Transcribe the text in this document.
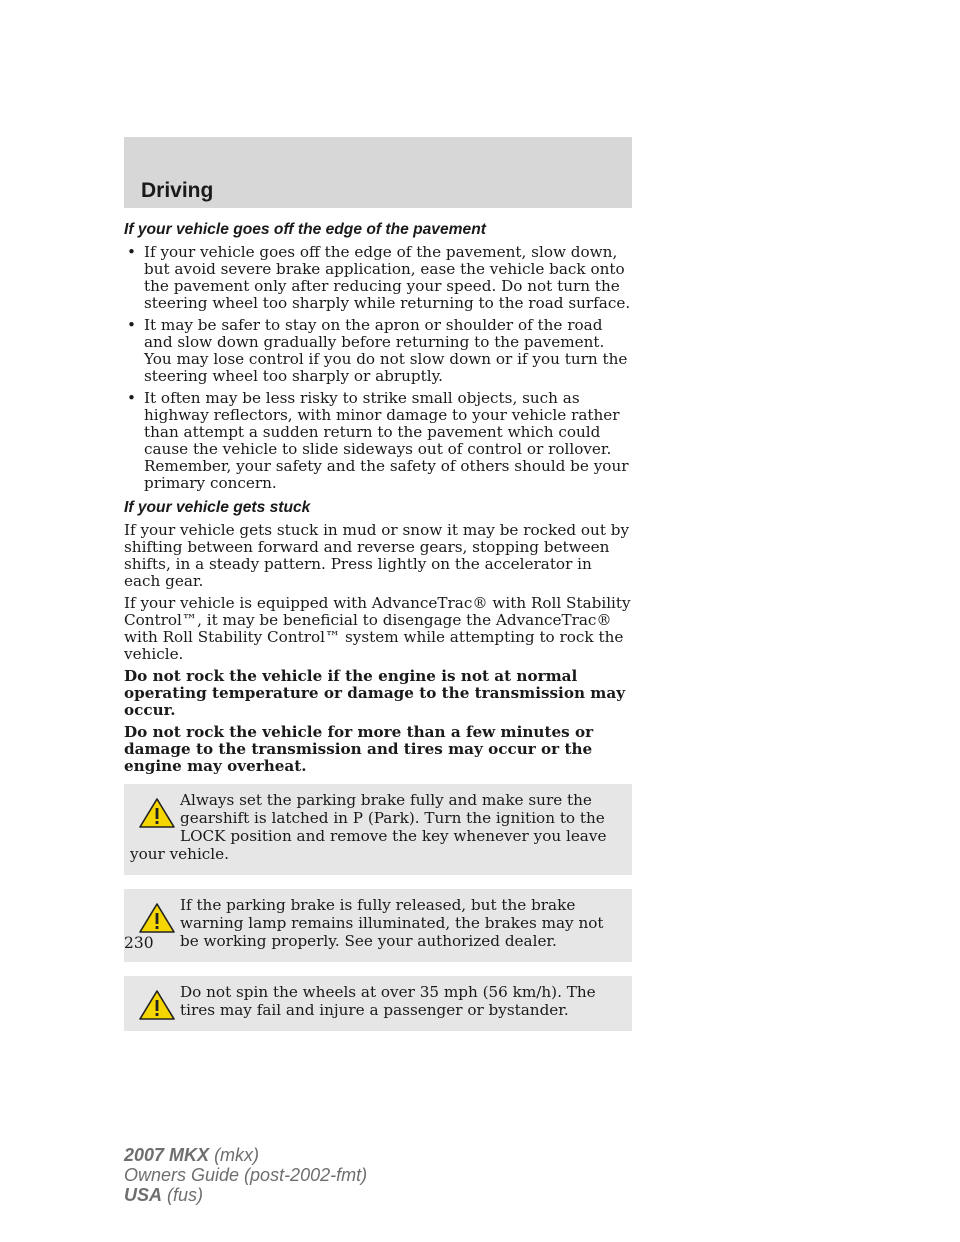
Driving
If your vehicle goes off the edge of the pavement
• If your vehicle goes off the edge of the pavement, slow down, but avoid severe brake application, ease the vehicle back onto the pavement only after reducing your speed. Do not turn the steering wheel too sharply while returning to the road surface.
• It may be safer to stay on the apron or shoulder of the road and slow down gradually before returning to the pavement. You may lose control if you do not slow down or if you turn the steering wheel too sharply or abruptly.
• It often may be less risky to strike small objects, such as highway reflectors, with minor damage to your vehicle rather than attempt a sudden return to the pavement which could cause the vehicle to slide sideways out of control or rollover. Remember, your safety and the safety of others should be your primary concern.
If your vehicle gets stuck

If your vehicle gets stuck in mud or snow it may be rocked out by shifting between forward and reverse gears, stopping between shifts, in a steady pattern. Press lightly on the accelerator in each gear.

If your vehicle is equipped with AdvanceTrac® with Roll Stability Control™, it may be beneficial to disengage the AdvanceTrac® with Roll Stability Control™ system while attempting to rock the vehicle.

Do not rock the vehicle if the engine is not at normal operating temperature or damage to the transmission may occur.

Do not rock the vehicle for more than a few minutes or damage to the transmission and tires may occur or the engine may overheat.

Always set the parking brake fully and make sure the gearshift is latched in P (Park). Turn the ignition to the LOCK position and remove the key whenever you leave your vehicle.
If the parking brake is fully released, but the brake warning lamp remains illuminated, the brakes may not be working properly. See your authorized dealer.
Do not spin the wheels at over 35 mph (56 km/h). The tires may fail and injure a passenger or bystander.
230
2007 MKX (mkx)
Owners Guide (post-2002-fmt)
USA (fus)
